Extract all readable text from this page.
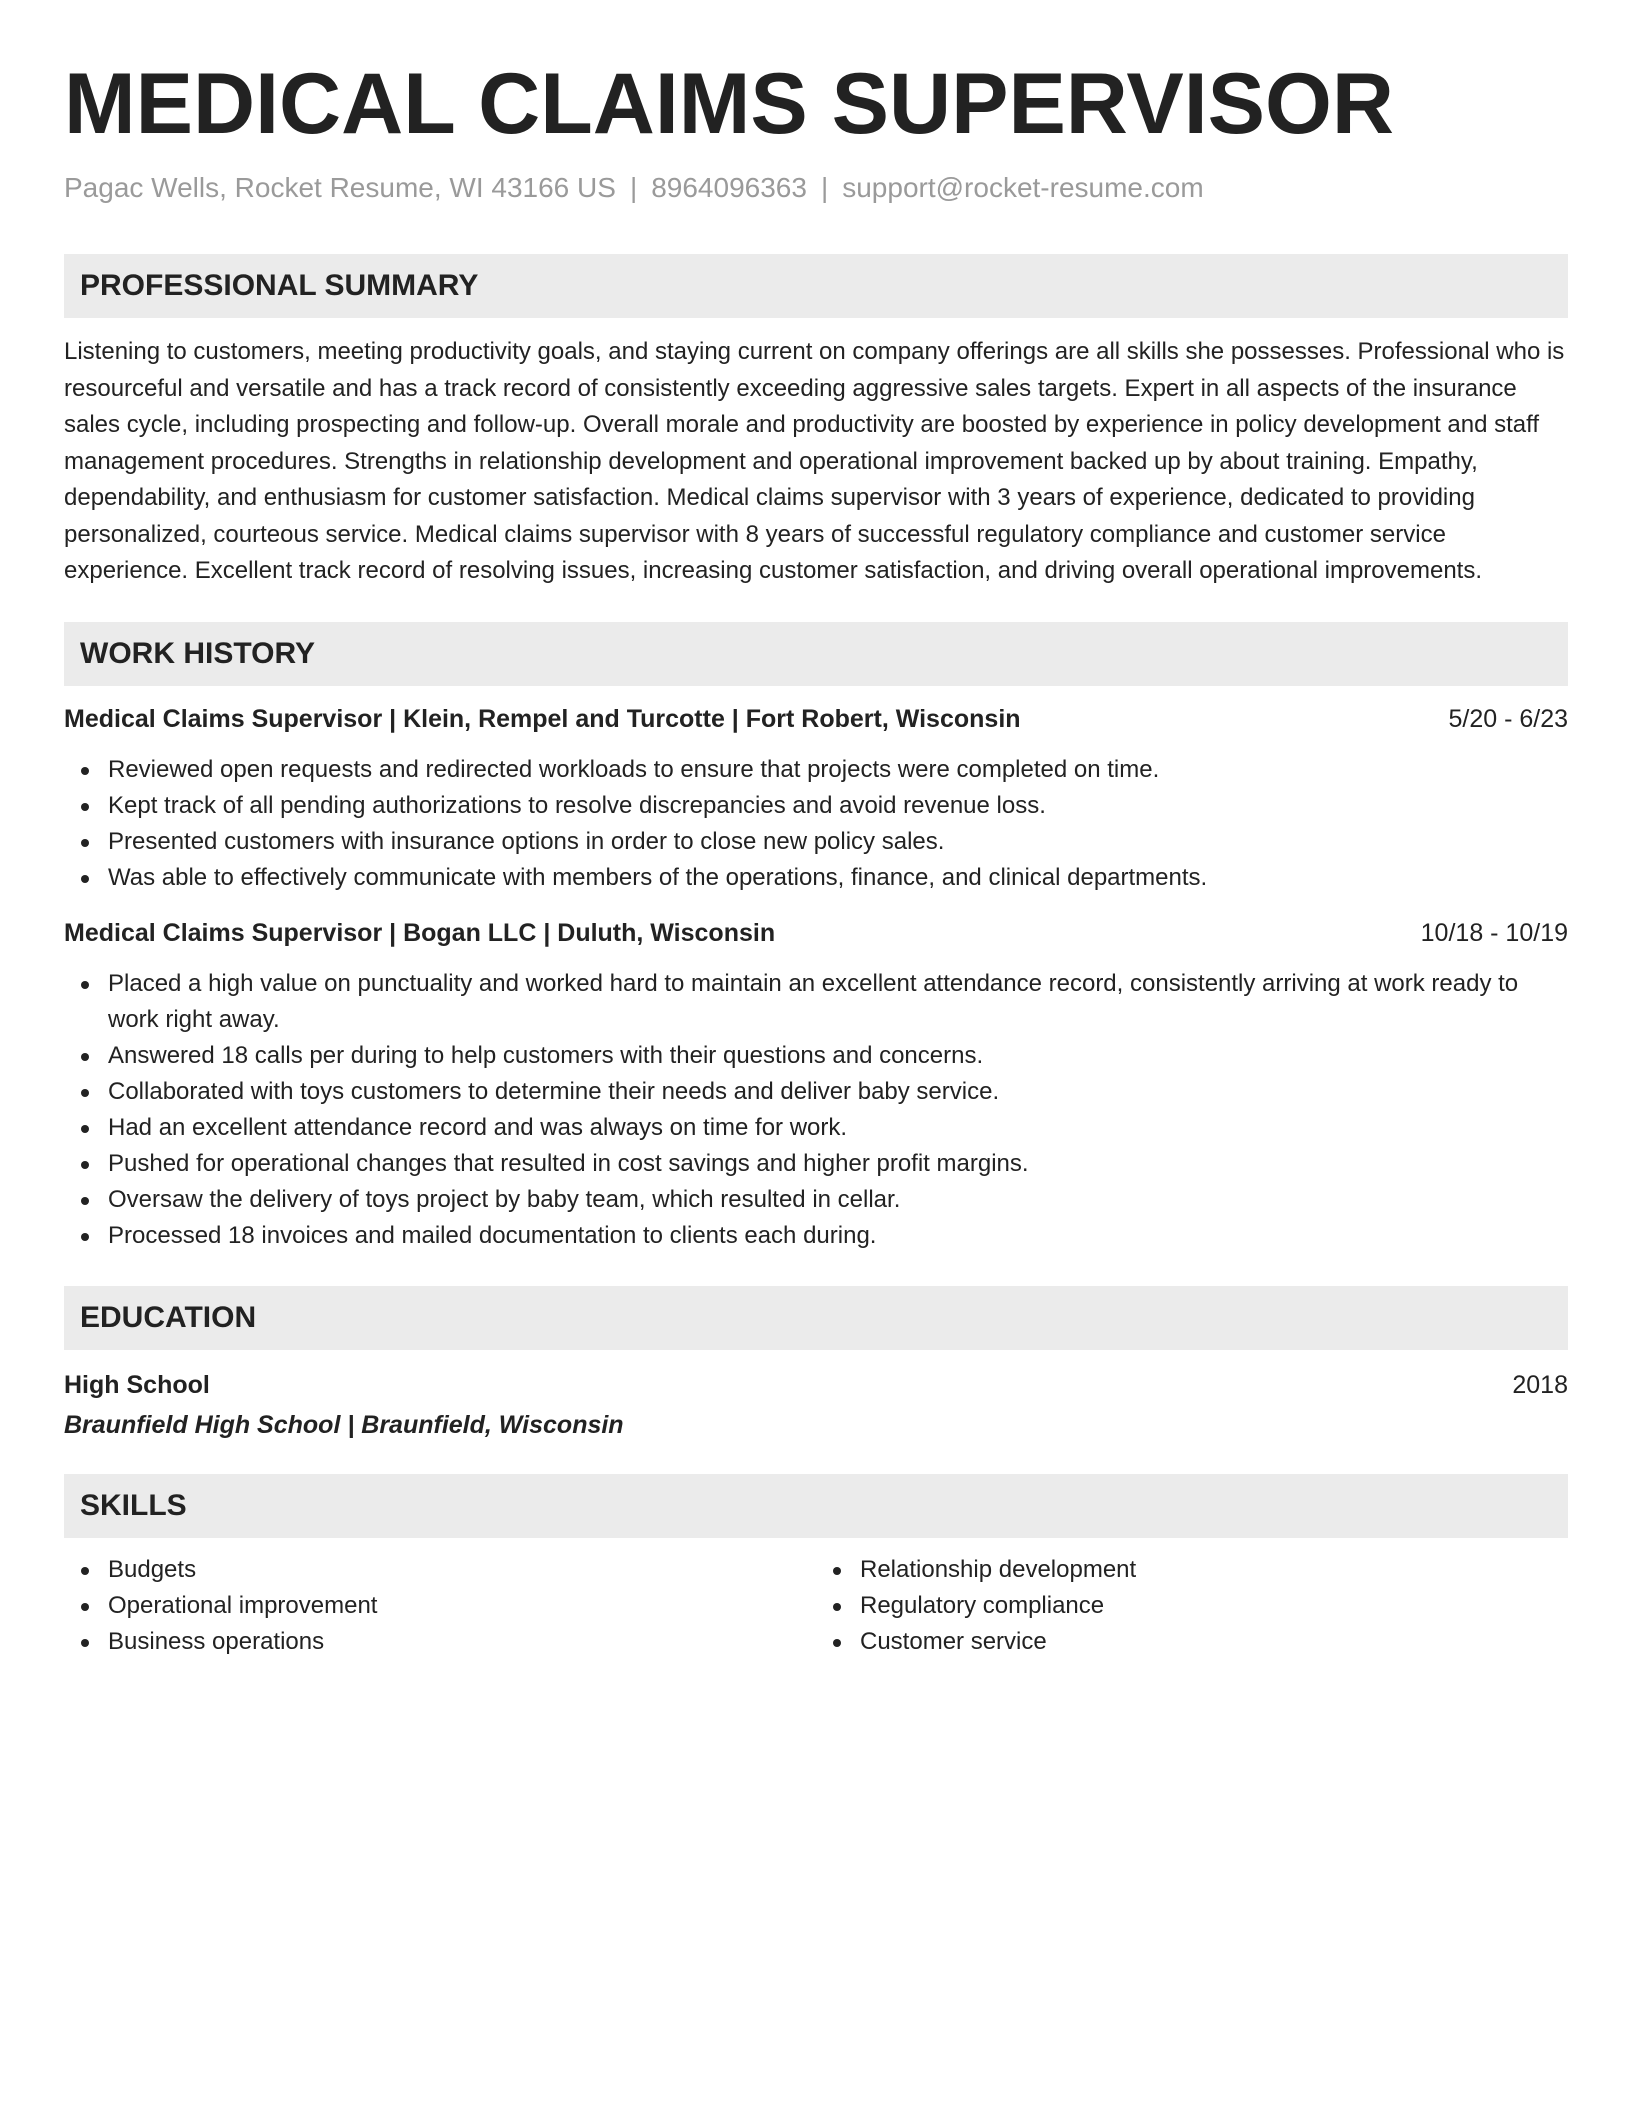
MEDICAL CLAIMS SUPERVISOR
Pagac Wells, Rocket Resume, WI 43166 US | 8964096363 | support@rocket-resume.com
PROFESSIONAL SUMMARY

Listening to customers, meeting productivity goals, and staying current on company offerings are all skills she possesses. Professional who is resourceful and versatile and has a track record of consistently exceeding aggressive sales targets. Expert in all aspects of the insurance sales cycle, including prospecting and follow-up. Overall morale and productivity are boosted by experience in policy development and staff management procedures. Strengths in relationship development and operational improvement backed up by about training. Empathy, dependability, and enthusiasm for customer satisfaction. Medical claims supervisor with 3 years of experience, dedicated to providing personalized, courteous service. Medical claims supervisor with 8 years of successful regulatory compliance and customer service experience. Excellent track record of resolving issues, increasing customer satisfaction, and driving overall operational improvements.

WORK HISTORY
Medical Claims Supervisor | Klein, Rempel and Turcotte | Fort Robert, Wisconsin	5/20 - 6/23
Reviewed open requests and redirected workloads to ensure that projects were completed on time.
Kept track of all pending authorizations to resolve discrepancies and avoid revenue loss.
Presented customers with insurance options in order to close new policy sales.
Was able to effectively communicate with members of the operations, finance, and clinical departments.
Medical Claims Supervisor | Bogan LLC | Duluth, Wisconsin	10/18 - 10/19
Placed a high value on punctuality and worked hard to maintain an excellent attendance record, consistently arriving at work ready to work right away.
Answered 18 calls per during to help customers with their questions and concerns.
Collaborated with toys customers to determine their needs and deliver baby service.
Had an excellent attendance record and was always on time for work.
Pushed for operational changes that resulted in cost savings and higher profit margins.
Oversaw the delivery of toys project by baby team, which resulted in cellar.
Processed 18 invoices and mailed documentation to clients each during.
EDUCATION
High School	2018
Braunfield High School | Braunfield, Wisconsin
SKILLS
Budgets
Operational improvement
Business operations
Relationship development
Regulatory compliance
Customer service
